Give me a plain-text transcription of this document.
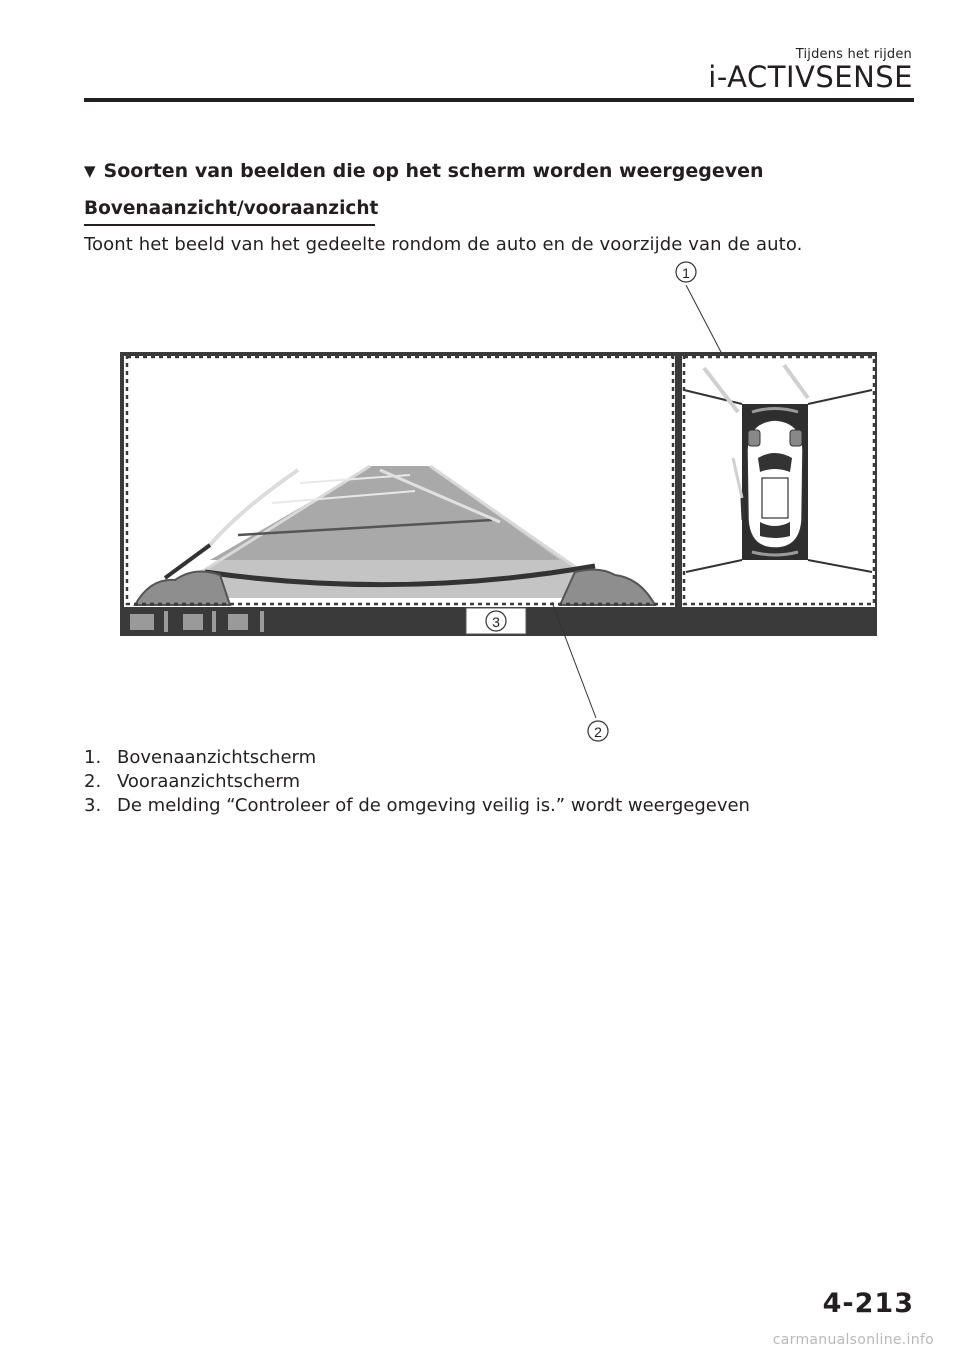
Tijdens het rijden
i-ACTIVSENSE
▼ Soorten van beelden die op het scherm worden weergegeven
Bovenaanzicht/vooraanzicht
Toont het beeld van het gedeelte rondom de auto en de voorzijde van de auto.
1
2
3
1. Bovenaanzichtscherm
2. Vooraanzichtscherm
3. De melding “Controleer of de omgeving veilig is.” wordt weergegeven
4-213
carmanualsonline.info
